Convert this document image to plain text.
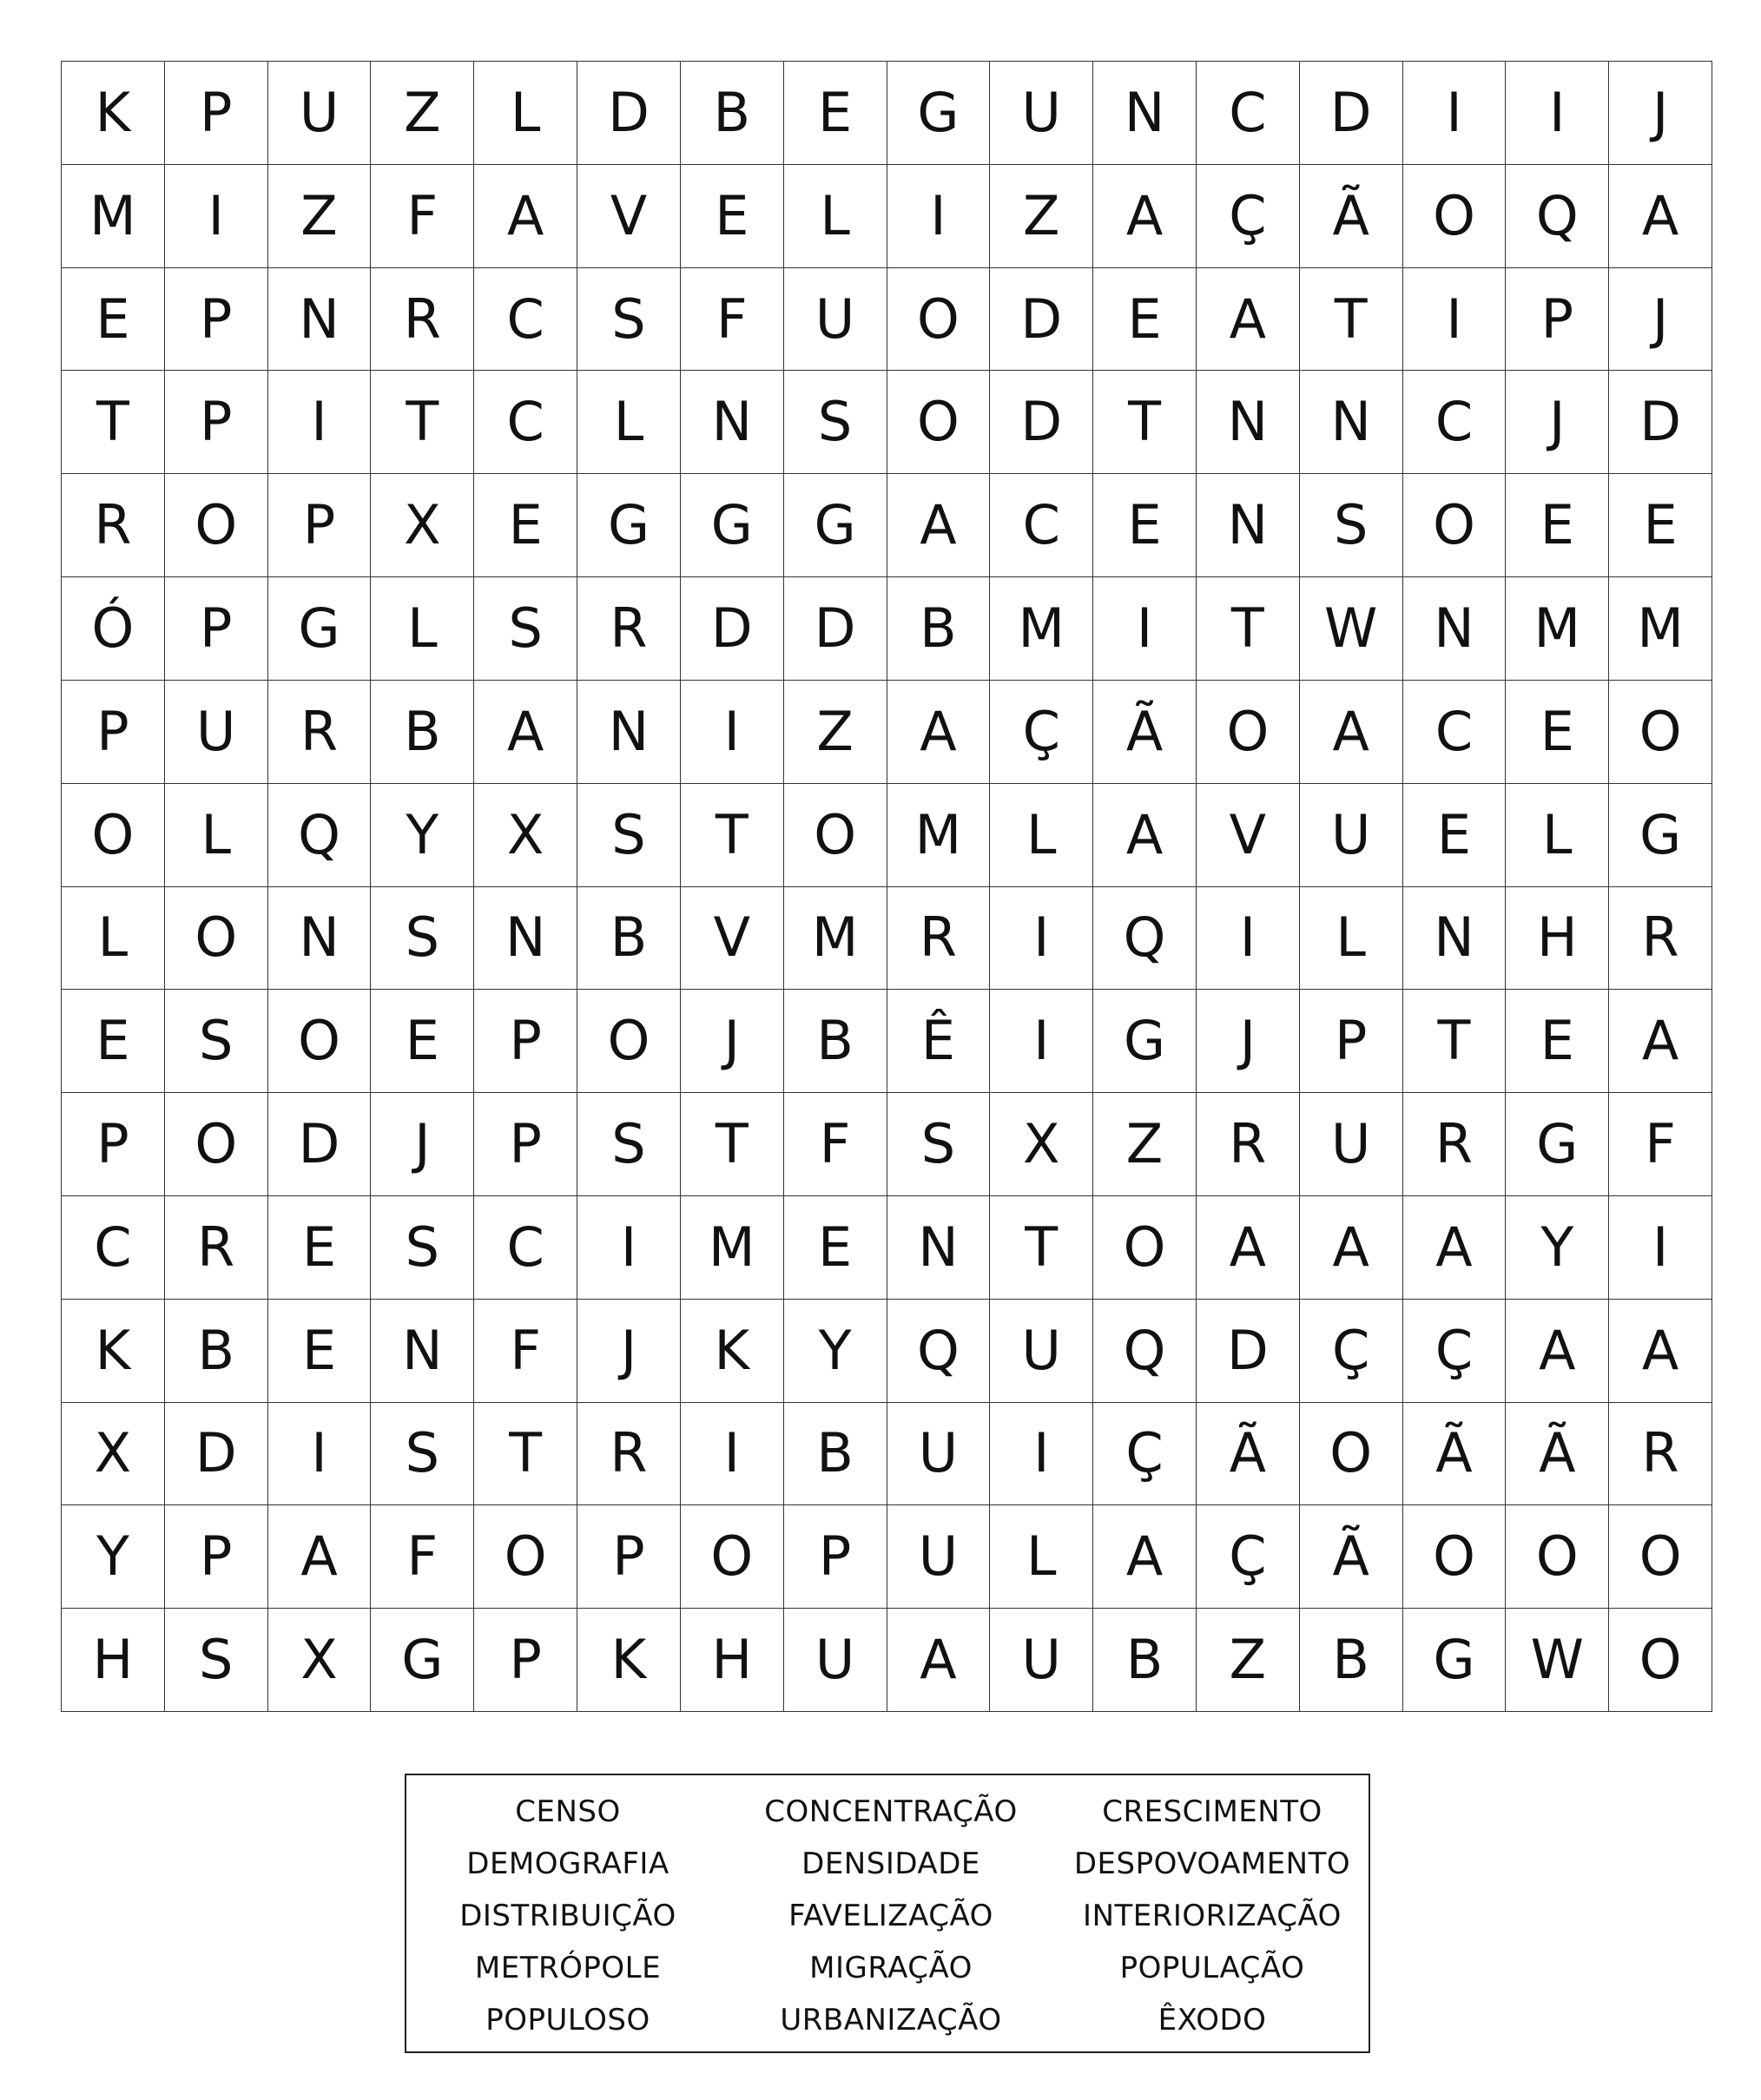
K	P	U	Z	L	D	B	E	G	U	N	C	D	I	I	J
M	I	Z	F	A	V	E	L	I	Z	A	Ç	Ã	O	Q	A
E	P	N	R	C	S	F	U	O	D	E	A	T	I	P	J
T	P	I	T	C	L	N	S	O	D	T	N	N	C	J	D
R	O	P	X	E	G	G	G	A	C	E	N	S	O	E	E
Ó	P	G	L	S	R	D	D	B	M	I	T	W	N	M	M
P	U	R	B	A	N	I	Z	A	Ç	Ã	O	A	C	E	O
O	L	Q	Y	X	S	T	O	M	L	A	V	U	E	L	G
L	O	N	S	N	B	V	M	R	I	Q	I	L	N	H	R
E	S	O	E	P	O	J	B	Ê	I	G	J	P	T	E	A
P	O	D	J	P	S	T	F	S	X	Z	R	U	R	G	F
C	R	E	S	C	I	M	E	N	T	O	A	A	A	Y	I
K	B	E	N	F	J	K	Y	Q	U	Q	D	Ç	Ç	A	A
X	D	I	S	T	R	I	B	U	I	Ç	Ã	O	Ã	Ã	R
Y	P	A	F	O	P	O	P	U	L	A	Ç	Ã	O	O	O
H	S	X	G	P	K	H	U	A	U	B	Z	B	G	W	O
CENSO	CONCENTRAÇÃO	CRESCIMENTO
DEMOGRAFIA	DENSIDADE	DESPOVOAMENTO
DISTRIBUIÇÃO	FAVELIZAÇÃO	INTERIORIZAÇÃO
METRÓPOLE	MIGRAÇÃO	POPULAÇÃO
POPULOSO	URBANIZAÇÃO	ÊXODO
